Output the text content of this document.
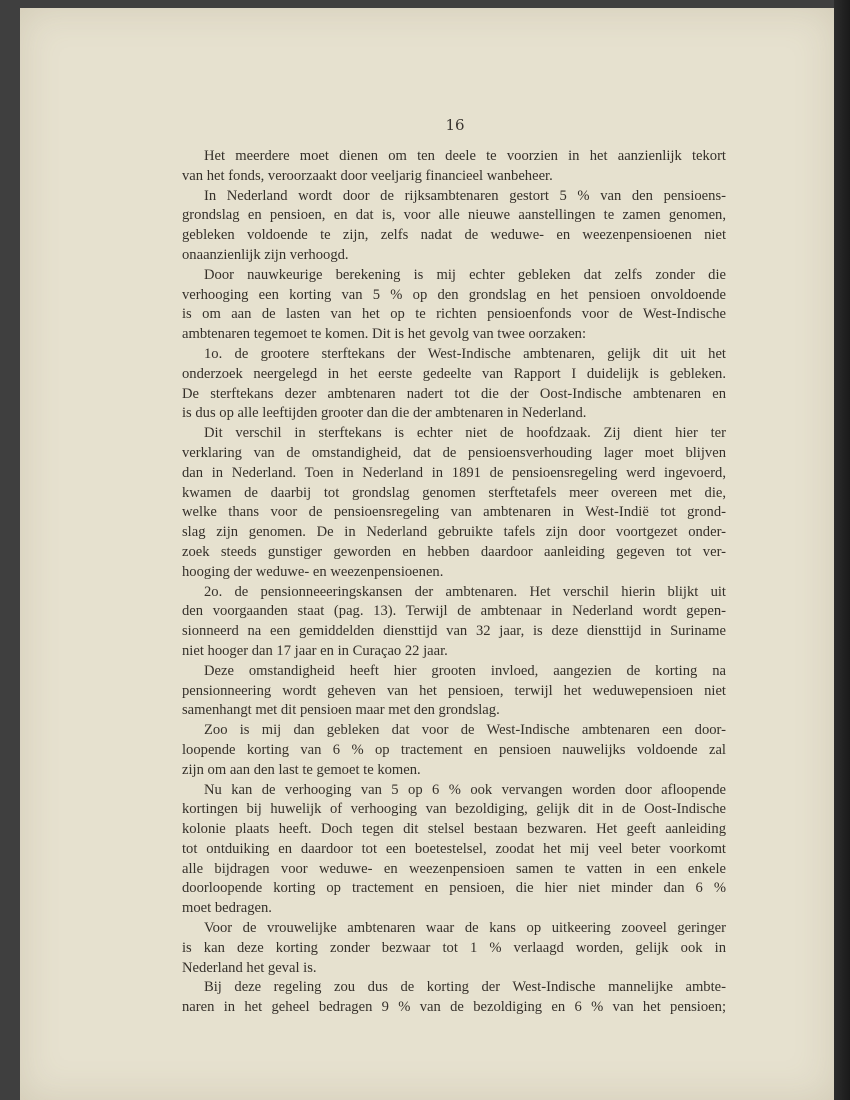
16
Het meerdere moet dienen om ten deele te voorzien in het aanzienlijk tekort
van het fonds, veroorzaakt door veeljarig financieel wanbeheer.
In Nederland wordt door de rijksambtenaren gestort 5 % van den pensioens-
grondslag en pensioen, en dat is, voor alle nieuwe aanstellingen te zamen genomen,
gebleken voldoende te zijn, zelfs nadat de weduwe- en weezenpensioenen niet
onaanzienlijk zijn verhoogd.
Door nauwkeurige berekening is mij echter gebleken dat zelfs zonder die
verhooging een korting van 5 % op den grondslag en het pensioen onvoldoende
is om aan de lasten van het op te richten pensioenfonds voor de West-Indische
ambtenaren tegemoet te komen. Dit is het gevolg van twee oorzaken:
1o. de grootere sterftekans der West-Indische ambtenaren, gelijk dit uit het
onderzoek neergelegd in het eerste gedeelte van Rapport I duidelijk is gebleken.
De sterftekans dezer ambtenaren nadert tot die der Oost-Indische ambtenaren en
is dus op alle leeftijden grooter dan die der ambtenaren in Nederland.
Dit verschil in sterftekans is echter niet de hoofdzaak. Zij dient hier ter
verklaring van de omstandigheid, dat de pensioensverhouding lager moet blijven
dan in Nederland. Toen in Nederland in 1891 de pensioensregeling werd ingevoerd,
kwamen de daarbij tot grondslag genomen sterftetafels meer overeen met die,
welke thans voor de pensioensregeling van ambtenaren in West-Indië tot grond-
slag zijn genomen. De in Nederland gebruikte tafels zijn door voortgezet onder-
zoek steeds gunstiger geworden en hebben daardoor aanleiding gegeven tot ver-
hooging der weduwe- en weezenpensioenen.
2o. de pensionneeeringskansen der ambtenaren. Het verschil hierin blijkt uit
den voorgaanden staat (pag. 13). Terwijl de ambtenaar in Nederland wordt gepen-
sionneerd na een gemiddelden diensttijd van 32 jaar, is deze diensttijd in Suriname
niet hooger dan 17 jaar en in Curaçao 22 jaar.
Deze omstandigheid heeft hier grooten invloed, aangezien de korting na
pensionneering wordt geheven van het pensioen, terwijl het weduwepensioen niet
samenhangt met dit pensioen maar met den grondslag.
Zoo is mij dan gebleken dat voor de West-Indische ambtenaren een door-
loopende korting van 6 % op tractement en pensioen nauwelijks voldoende zal
zijn om aan den last te gemoet te komen.
Nu kan de verhooging van 5 op 6 % ook vervangen worden door afloopende
kortingen bij huwelijk of verhooging van bezoldiging, gelijk dit in de Oost-Indische
kolonie plaats heeft. Doch tegen dit stelsel bestaan bezwaren. Het geeft aanleiding
tot ontduiking en daardoor tot een boetestelsel, zoodat het mij veel beter voorkomt
alle bijdragen voor weduwe- en weezenpensioen samen te vatten in een enkele
doorloopende korting op tractement en pensioen, die hier niet minder dan 6 %
moet bedragen.
Voor de vrouwelijke ambtenaren waar de kans op uitkeering zooveel geringer
is kan deze korting zonder bezwaar tot 1 % verlaagd worden, gelijk ook in
Nederland het geval is.
Bij deze regeling zou dus de korting der West-Indische mannelijke ambte-
naren in het geheel bedragen 9 % van de bezoldiging en 6 % van het pensioen;
